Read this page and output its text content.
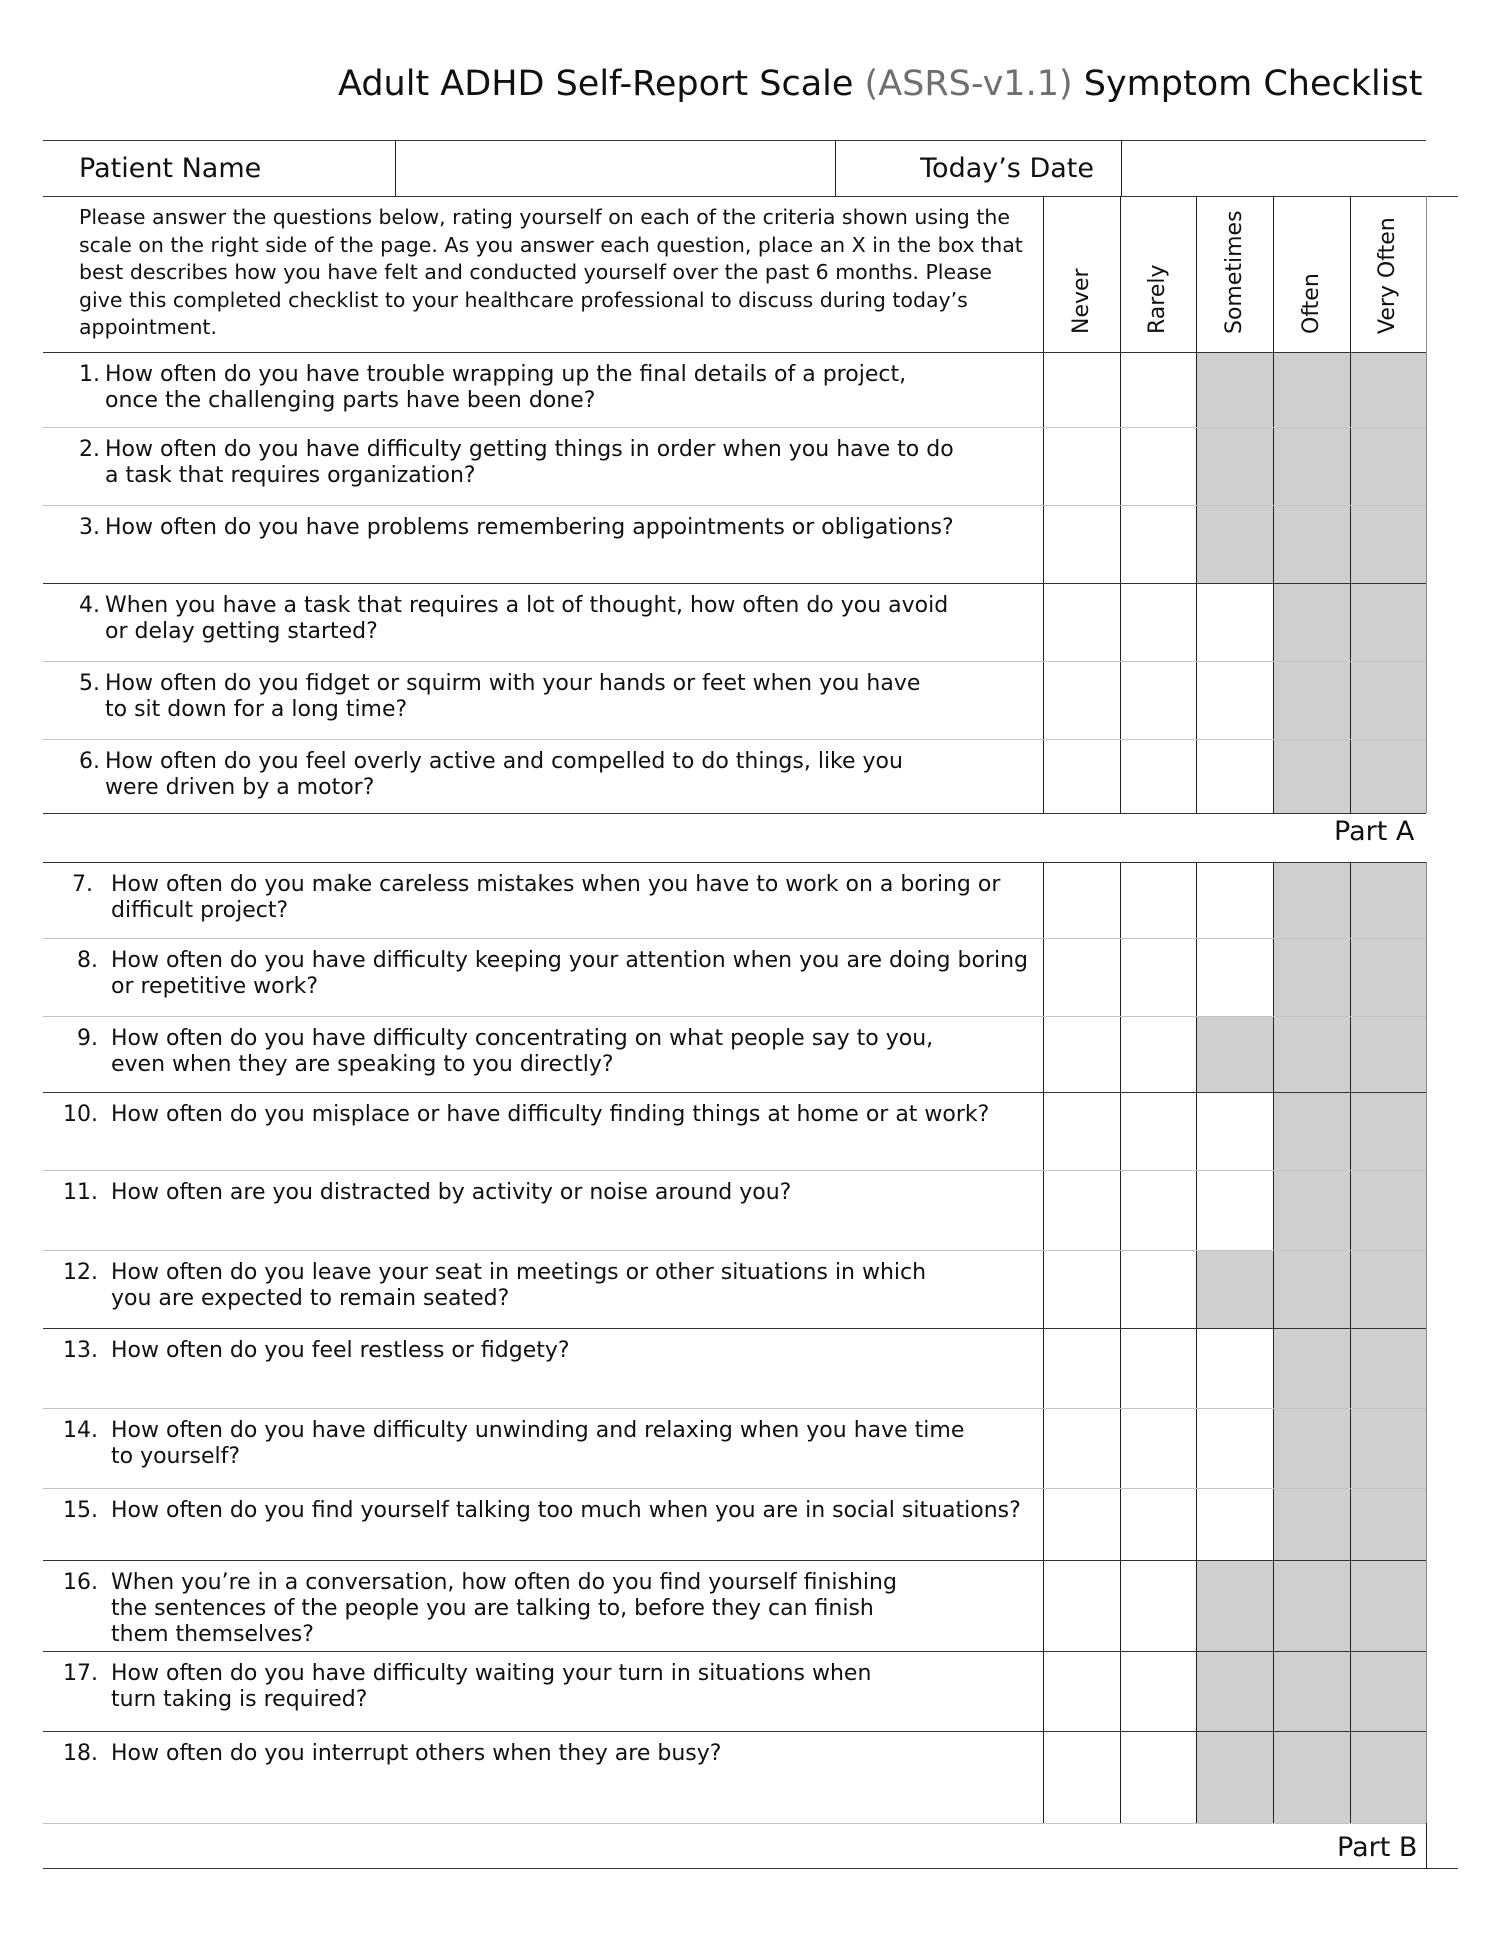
Adult ADHD Self-Report Scale (ASRS-v1.1) Symptom Checklist
Patient Name	Today’s Date
Please answer the questions below, rating yourself on each of the criteria shown using the scale on the right side of the page. As you answer each question, place an X in the box that best describes how you have felt and conducted yourself over the past 6 months. Please give this completed checklist to your healthcare professional to discuss during today’s appointment.	Never Rarely Sometimes Often Very Often
1. How often do you have trouble wrapping up the final details of a project,
once the challenging parts have been done?
2. How often do you have difficulty getting things in order when you have to do
a task that requires organization?
3. How often do you have problems remembering appointments or obligations?
4. When you have a task that requires a lot of thought, how often do you avoid
or delay getting started?
5. How often do you fidget or squirm with your hands or feet when you have
to sit down for a long time?
6. How often do you feel overly active and compelled to do things, like you
were driven by a motor?
7. How often do you make careless mistakes when you have to work on a boring or
difficult project?
8. How often do you have difficulty keeping your attention when you are doing boring
or repetitive work?
9. How often do you have difficulty concentrating on what people say to you,
even when they are speaking to you directly?
10. How often do you misplace or have difficulty finding things at home or at work?
11. How often are you distracted by activity or noise around you?
12. How often do you leave your seat in meetings or other situations in which
you are expected to remain seated?
13. How often do you feel restless or fidgety?
14. How often do you have difficulty unwinding and relaxing when you have time
to yourself?
15. How often do you find yourself talking too much when you are in social situations?
16. When you’re in a conversation, how often do you find yourself finishing
the sentences of the people you are talking to, before they can finish
them themselves?
17. How often do you have difficulty waiting your turn in situations when
turn taking is required?
18. How often do you interrupt others when they are busy?
Part A
Part B
